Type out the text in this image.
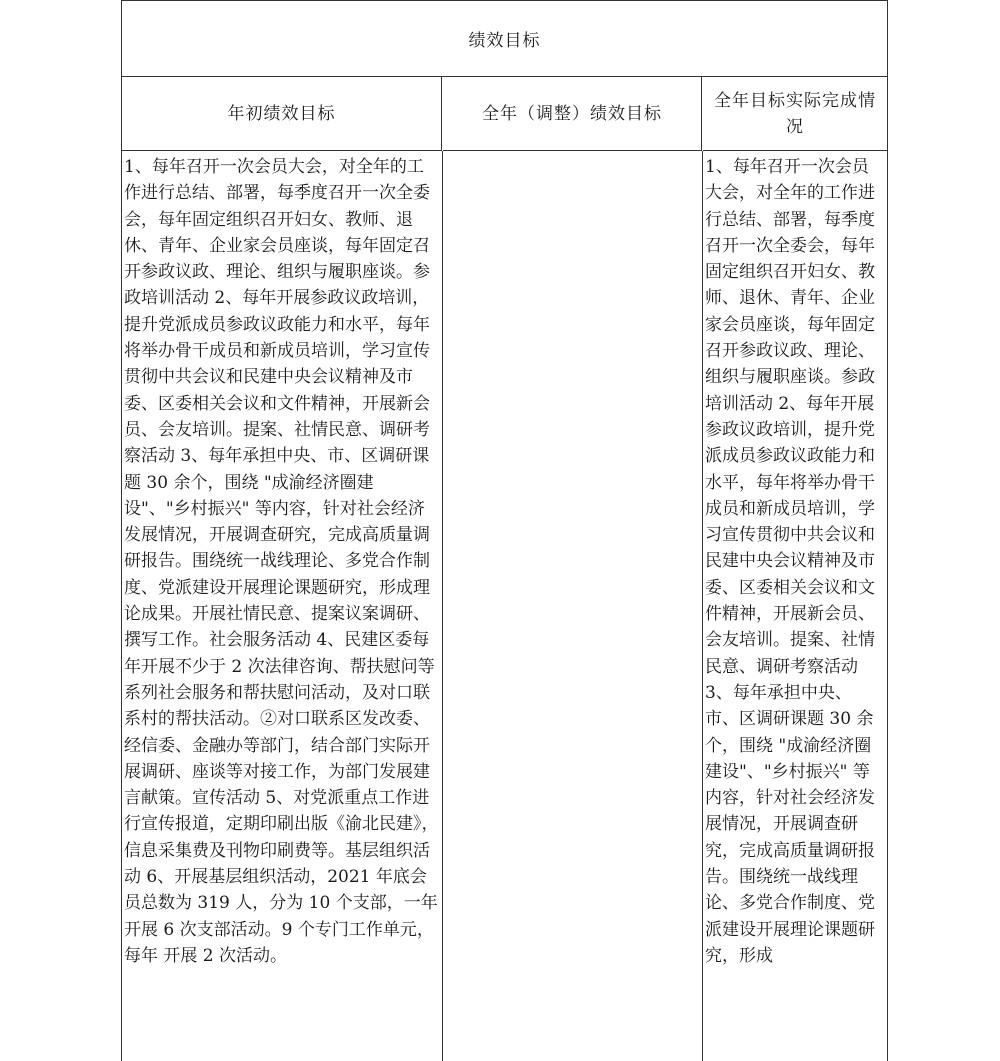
绩效目标
年初绩效目标	全年（调整）绩效目标
全年目标实际完成情况
1、每年召开一次会员大会，对全年的工作进行总结、部署，每季度召开一次全委会，每年固定组织召开妇女、教师、退休、青年、企业家会员座谈，每年固定召开参政议政、理论、组织与履职座谈。参政培训活动 2、每年开展参政议政培训，提升党派成员参政议政能力和水平，每年将举办骨干成员和新成员培训，学习宣传贯彻中共会议和民建中央会议精神及市委、区委相关会议和文件精神，开展新会员、会友培训。提案、社情民意、调研考察活动 3、每年承担中央、市、区调研课题 30 余个，围绕 "成渝经济圈建设"、"乡村振兴" 等内容，针对社会经济发展情况，开展调查研究，完成高质量调研报告。围绕统一战线理论、多党合作制度、党派建设开展理论课题研究，形成理论成果。开展社情民意、提案议案调研、撰写工作。社会服务活动 4、民建区委每年开展不少于 2 次法律咨询、帮扶慰问等系列社会服务和帮扶慰问活动，及对口联系村的帮扶活动。②对口联系区发改委、经信委、金融办等部门，结合部门实际开展调研、座谈等对接工作，为部门发展建言献策。宣传活动 5、对党派重点工作进行宣传报道，定期印刷出版《渝北民建》，信息采集费及刊物印刷费等。基层组织活动 6、开展基层组织活动，2021 年底会员总数为 319 人，分为 10 个支部，一年开展 6 次支部活动。9 个专门工作单元，每年 开展 2 次活动。
1、每年召开一次会员大会，对全年的工作进行总结、部署，每季度召开一次全委会，每年固定组织召开妇女、教师、退休、青年、企业家会员座谈，每年固定召开参政议政、理论、组织与履职座谈。参政培训活动 2、每年开展参政议政培训，提升党派成员参政议政能力和水平，每年将举办骨干成员和新成员培训，学习宣传贯彻中共会议和民建中央会议精神及市委、区委相关会议和文件精神，开展新会员、会友培训。提案、社情民意、调研考察活动 3、每年承担中央、市、区调研课题 30 余个，围绕 "成渝经济圈建设"、"乡村振兴" 等内容，针对社会经济发展情况，开展调查研究，完成高质量调研报告。围绕统一战线理论、多党合作制度、党派建设开展理论课题研究，形成
